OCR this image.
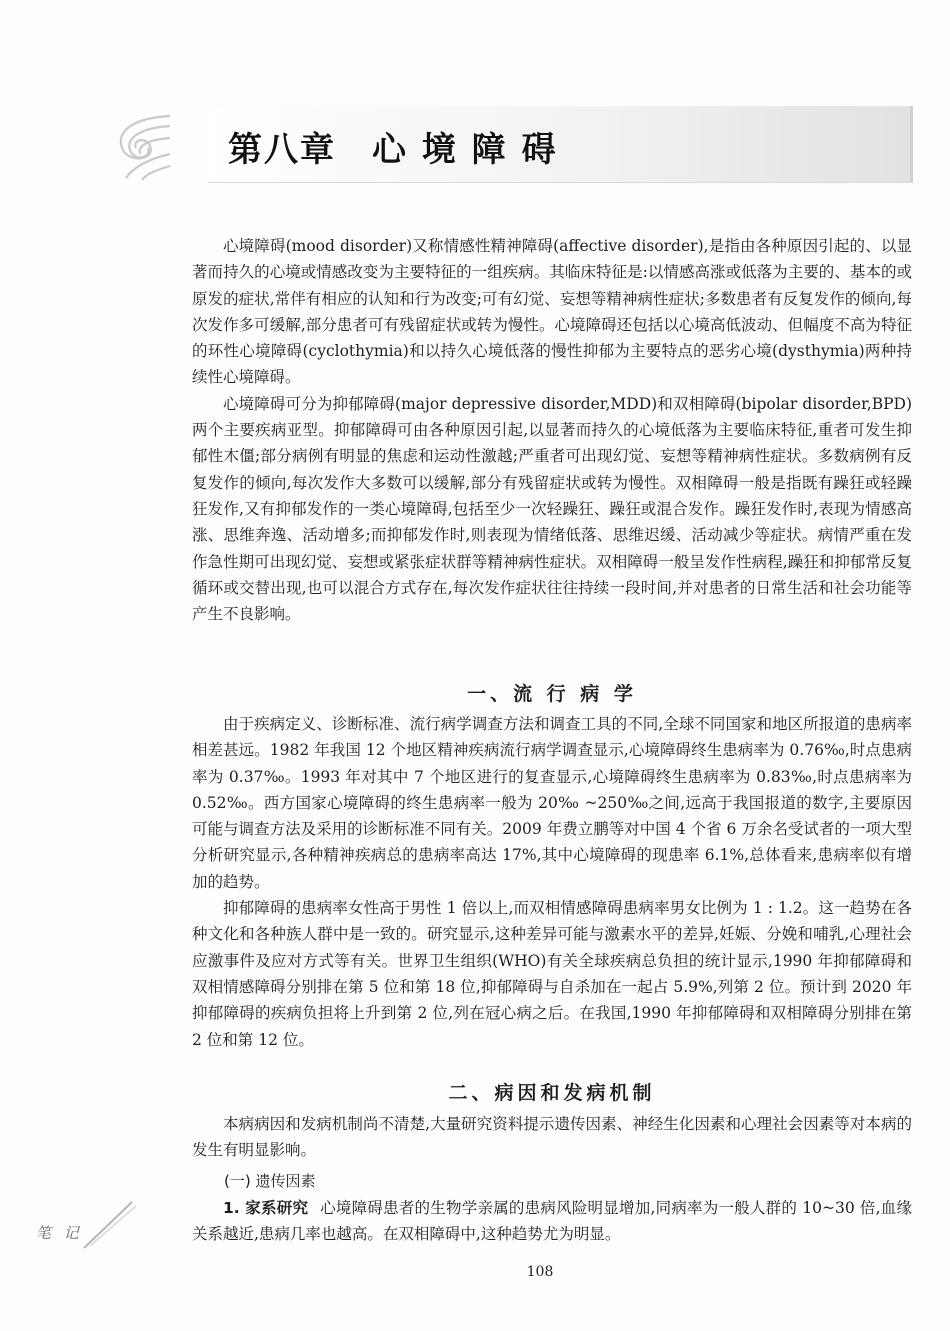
第八章　心 境 障 碍

心境障碍(mood disorder)又称情感性精神障碍(affective disorder),是指由各种原因引起的、以显著而持久的心境或情感改变为主要特征的一组疾病。其临床特征是:以情感高涨或低落为主要的、基本的或原发的症状,常伴有相应的认知和行为改变;可有幻觉、妄想等精神病性症状;多数患者有反复发作的倾向,每次发作多可缓解,部分患者可有残留症状或转为慢性。心境障碍还包括以心境高低波动、但幅度不高为特征的环性心境障碍(cyclothymia)和以持久心境低落的慢性抑郁为主要特点的恶劣心境(dysthymia)两种持续性心境障碍。

心境障碍可分为抑郁障碍(major depressive disorder,MDD)和双相障碍(bipolar disorder,BPD)两个主要疾病亚型。抑郁障碍可由各种原因引起,以显著而持久的心境低落为主要临床特征,重者可发生抑郁性木僵;部分病例有明显的焦虑和运动性激越;严重者可出现幻觉、妄想等精神病性症状。多数病例有反复发作的倾向,每次发作大多数可以缓解,部分有残留症状或转为慢性。双相障碍一般是指既有躁狂或轻躁狂发作,又有抑郁发作的一类心境障碍,包括至少一次轻躁狂、躁狂或混合发作。躁狂发作时,表现为情感高涨、思维奔逸、活动增多;而抑郁发作时,则表现为情绪低落、思维迟缓、活动减少等症状。病情严重在发作急性期可出现幻觉、妄想或紧张症状群等精神病性症状。双相障碍一般呈发作性病程,躁狂和抑郁常反复循环或交替出现,也可以混合方式存在,每次发作症状往往持续一段时间,并对患者的日常生活和社会功能等产生不良影响。

一、流 行 病 学

由于疾病定义、诊断标准、流行病学调查方法和调查工具的不同,全球不同国家和地区所报道的患病率相差甚远。1982 年我国 12 个地区精神疾病流行病学调查显示,心境障碍终生患病率为 0.76‰,时点患病率为 0.37‰。1993 年对其中 7 个地区进行的复查显示,心境障碍终生患病率为 0.83‰,时点患病率为 0.52‰。西方国家心境障碍的终生患病率一般为 20‰ ~250‰之间,远高于我国报道的数字,主要原因可能与调查方法及采用的诊断标准不同有关。2009 年费立鹏等对中国 4 个省 6 万余名受试者的一项大型分析研究显示,各种精神疾病总的患病率高达 17%,其中心境障碍的现患率 6.1%,总体看来,患病率似有增加的趋势。

抑郁障碍的患病率女性高于男性 1 倍以上,而双相情感障碍患病率男女比例为 1 : 1.2。这一趋势在各种文化和各种族人群中是一致的。研究显示,这种差异可能与激素水平的差异,妊娠、分娩和哺乳,心理社会应激事件及应对方式等有关。世界卫生组织(WHO)有关全球疾病总负担的统计显示,1990 年抑郁障碍和双相情感障碍分别排在第 5 位和第 18 位,抑郁障碍与自杀加在一起占 5.9%,列第 2 位。预计到 2020 年抑郁障碍的疾病负担将上升到第 2 位,列在冠心病之后。在我国,1990 年抑郁障碍和双相障碍分别排在第 2 位和第 12 位。

二、病因和发病机制

本病病因和发病机制尚不清楚,大量研究资料提示遗传因素、神经生化因素和心理社会因素等对本病的发生有明显影响。

(一) 遗传因素

1. 家系研究 心境障碍患者的生物学亲属的患病风险明显增加,同病率为一般人群的 10~30 倍,血缘关系越近,患病几率也越高。在双相障碍中,这种趋势尤为明显。

笔 记

108
